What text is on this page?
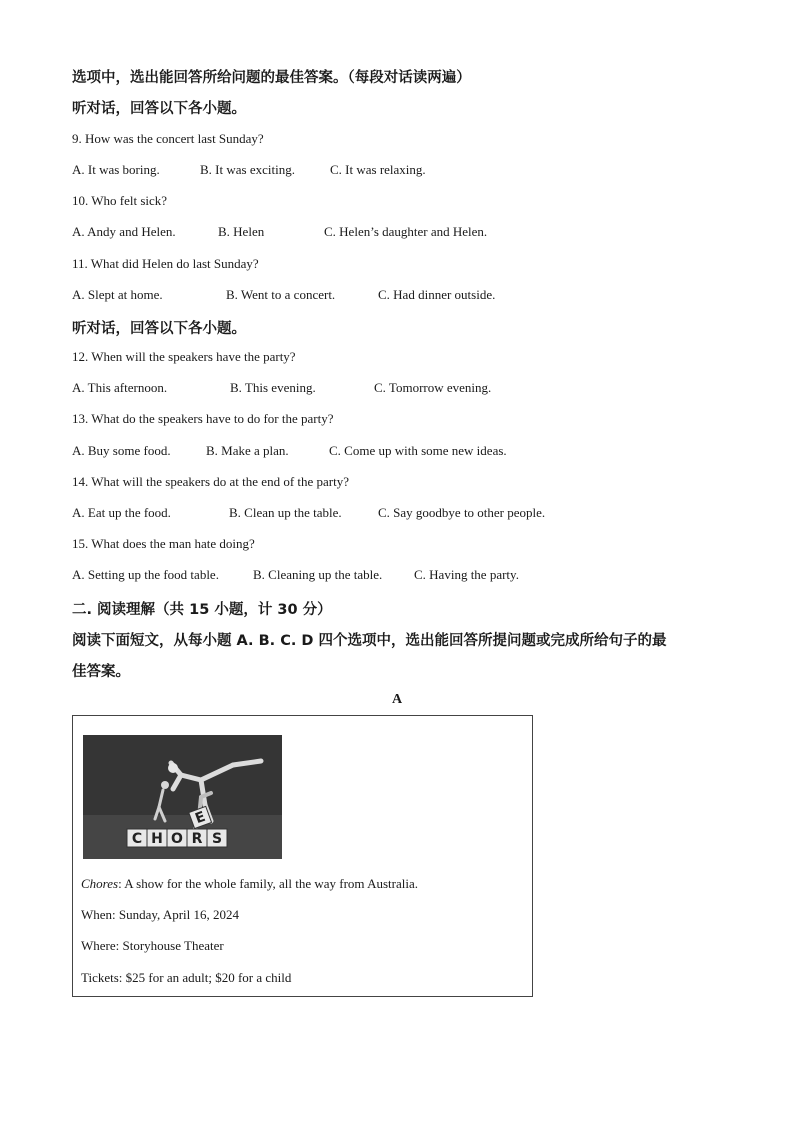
选项中，选出能回答所给问题的最佳答案。（每段对话读两遍）
听对话，回答以下各小题。
9. How was the concert last Sunday?
A. It was boring.	B. It was exciting.	C. It was relaxing.
10. Who felt sick?
A. Andy and Helen.	B. Helen	C. Helen’s daughter and Helen.
11. What did Helen do last Sunday?
A. Slept at home.	B. Went to a concert.	C. Had dinner outside.
听对话，回答以下各小题。
12. When will the speakers have the party?
A. This afternoon.	B. This evening.	C. Tomorrow evening.
13. What do the speakers have to do for the party?
A. Buy some food.	B. Make a plan.	C. Come up with some new ideas.
14. What will the speakers do at the end of the party?
A. Eat up the food.	B. Clean up the table.	C. Say goodbye to other people.
15. What does the man hate doing?
A. Setting up the food table.	B. Cleaning up the table. C. Having the party.
二. 阅读理解（共 15 小题，计 30 分）
阅读下面短文，从每小题 A. B. C. D 四个选项中，选出能回答所提问题或完成所给句子的最
佳答案。
A
C H O R
E
S
Chores: A show for the whole family, all the way from Australia.
When: Sunday, April 16, 2024
Where: Storyhouse Theater
Tickets: $25 for an adult; $20 for a child
